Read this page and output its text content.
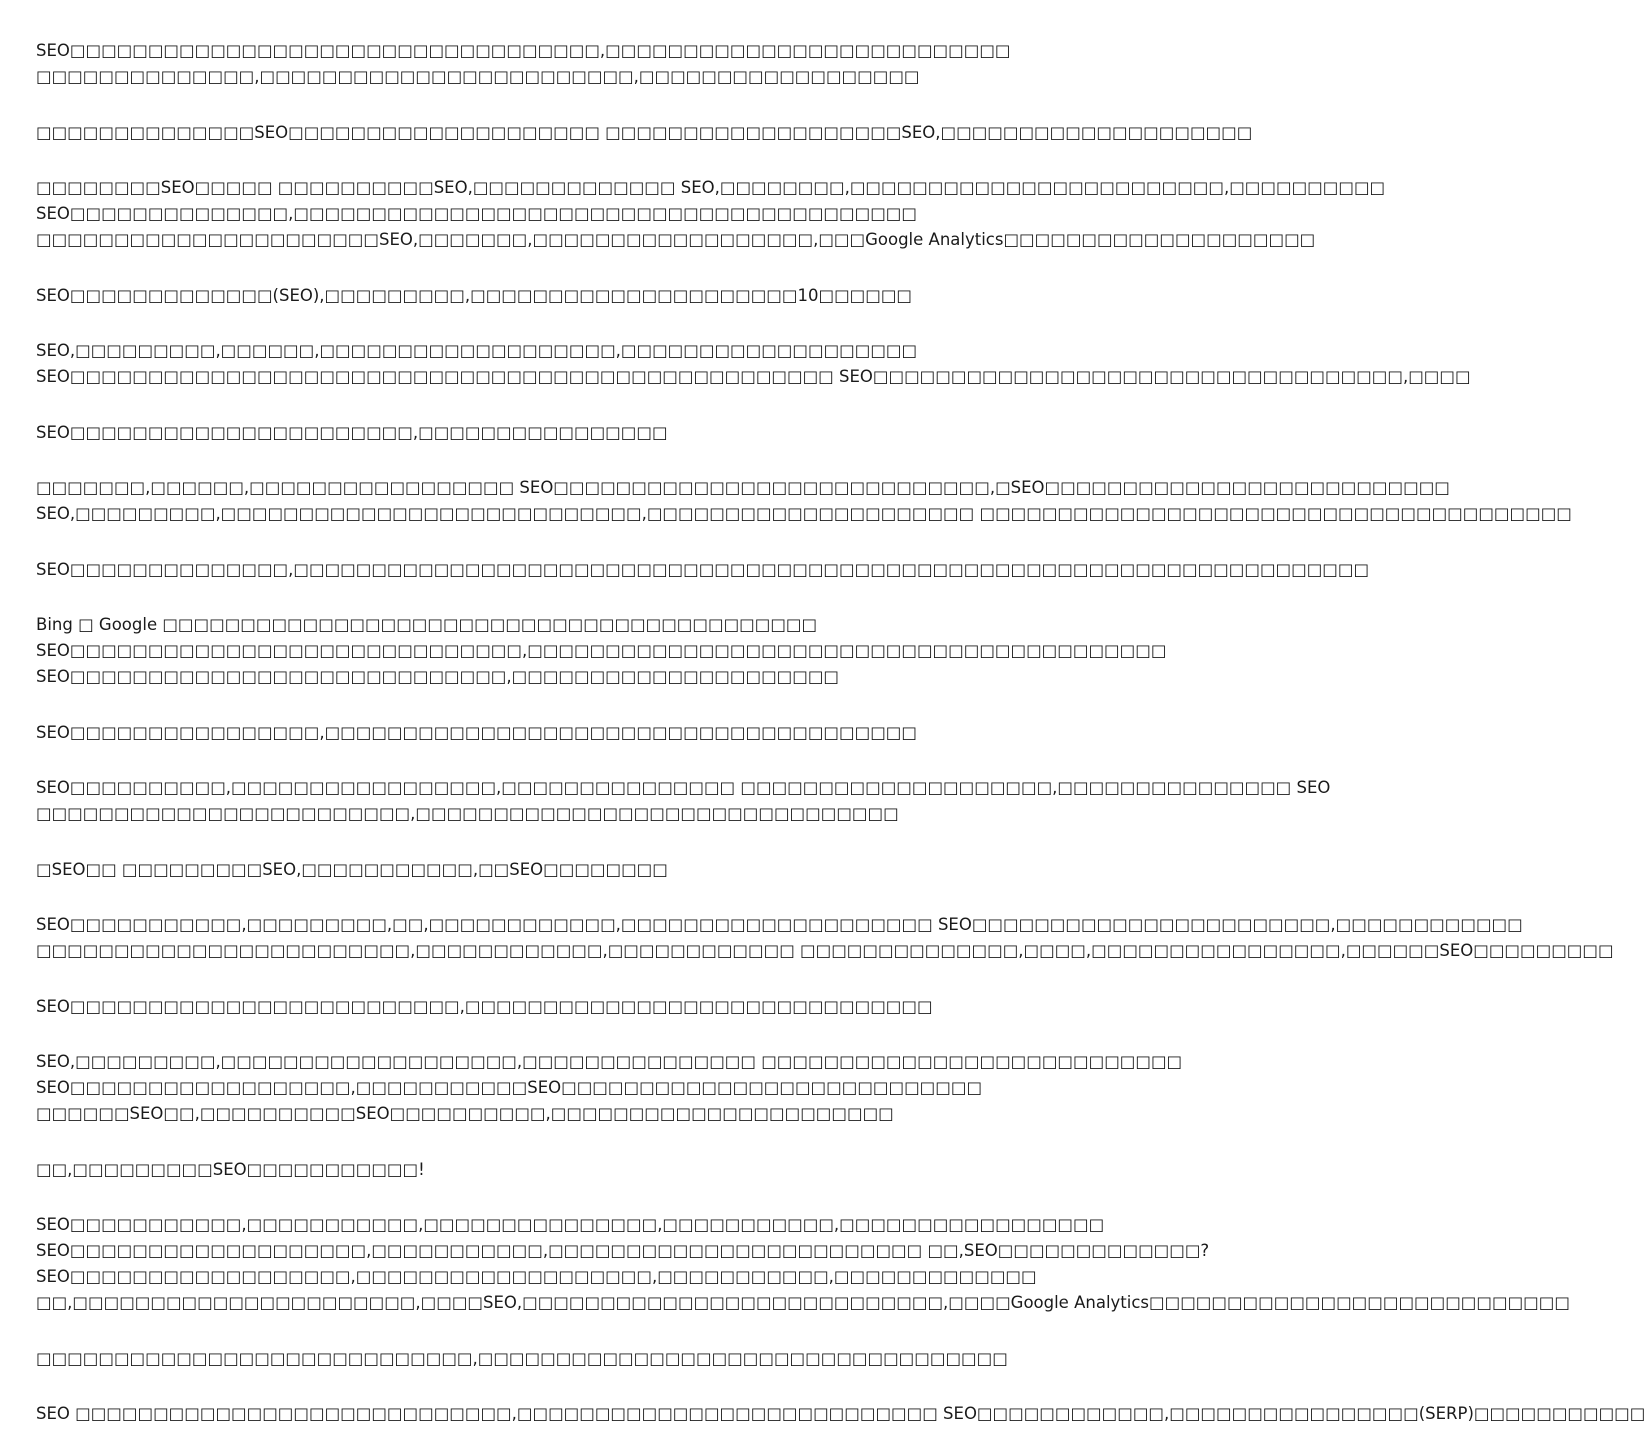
SEO□□□□□□□□□□□□□□□□□□□□□□□□□□□□□□□□□□,□□□□□□□□□□□□□□□□□□□□□□□□□□
□□□□□□□□□□□□□□,□□□□□□□□□□□□□□□□□□□□□□□□,□□□□□□□□□□□□□□□□□□
□□□□□□□□□□□□□□SEO□□□□□□□□□□□□□□□□□□□□ □□□□□□□□□□□□□□□□□□□SEO,□□□□□□□□□□□□□□□□□□□□
□□□□□□□□SEO□□□□□ □□□□□□□□□□SEO,□□□□□□□□□□□□□ SEO,□□□□□□□□,□□□□□□□□□□□□□□□□□□□□□□□□,□□□□□□□□□□
SEO□□□□□□□□□□□□□□,□□□□□□□□□□□□□□□□□□□□□□□□□□□□□□□□□□□□□□□□
□□□□□□□□□□□□□□□□□□□□□□SEO,□□□□□□□,□□□□□□□□□□□□□□□□□□,□□□Google Analytics□□□□□□□□□□□□□□□□□□□□
SEO□□□□□□□□□□□□□(SEO),□□□□□□□□□,□□□□□□□□□□□□□□□□□□□□□10□□□□□□
SEO,□□□□□□□□□,□□□□□□,□□□□□□□□□□□□□□□□□□□,□□□□□□□□□□□□□□□□□□□
SEO□□□□□□□□□□□□□□□□□□□□□□□□□□□□□□□□□□□□□□□□□□□□□□□□□ SEO□□□□□□□□□□□□□□□□□□□□□□□□□□□□□□□□□□,□□□□
SEO□□□□□□□□□□□□□□□□□□□□□□,□□□□□□□□□□□□□□□□
□□□□□□□,□□□□□□,□□□□□□□□□□□□□□□□□ SEO□□□□□□□□□□□□□□□□□□□□□□□□□□□□,□SEO□□□□□□□□□□□□□□□□□□□□□□□□□□
SEO,□□□□□□□□□,□□□□□□□□□□□□□□□□□□□□□□□□□□□,□□□□□□□□□□□□□□□□□□□□□ □□□□□□□□□□□□□□□□□□□□□□□□□□□□□□□□□□□□□□
SEO□□□□□□□□□□□□□□,□□□□□□□□□□□□□□□□□□□□□□□□□□□□□□□□□□□□□□□□□□□□□□□□□□□□□□□□□□□□□□□□□□□□□
Bing □ Google □□□□□□□□□□□□□□□□□□□□□□□□□□□□□□□□□□□□□□□□□□
SEO□□□□□□□□□□□□□□□□□□□□□□□□□□□□□,□□□□□□□□□□□□□□□□□□□□□□□□□□□□□□□□□□□□□□□□□
SEO□□□□□□□□□□□□□□□□□□□□□□□□□□□□,□□□□□□□□□□□□□□□□□□□□□
SEO□□□□□□□□□□□□□□□□,□□□□□□□□□□□□□□□□□□□□□□□□□□□□□□□□□□□□□□
SEO□□□□□□□□□□,□□□□□□□□□□□□□□□□□,□□□□□□□□□□□□□□□ □□□□□□□□□□□□□□□□□□□□,□□□□□□□□□□□□□□□ SEO
□□□□□□□□□□□□□□□□□□□□□□□□,□□□□□□□□□□□□□□□□□□□□□□□□□□□□□□□
□SEO□□ □□□□□□□□□SEO,□□□□□□□□□□□,□□SEO□□□□□□□□
SEO□□□□□□□□□□□,□□□□□□□□□,□□,□□□□□□□□□□□□,□□□□□□□□□□□□□□□□□□□□ SEO□□□□□□□□□□□□□□□□□□□□□□□,□□□□□□□□□□□□
□□□□□□□□□□□□□□□□□□□□□□□□,□□□□□□□□□□□□,□□□□□□□□□□□□ □□□□□□□□□□□□□□,□□□□,□□□□□□□□□□□□□□□□,□□□□□□SEO□□□□□□□□□
SEO□□□□□□□□□□□□□□□□□□□□□□□□□,□□□□□□□□□□□□□□□□□□□□□□□□□□□□□□
SEO,□□□□□□□□□,□□□□□□□□□□□□□□□□□□□,□□□□□□□□□□□□□□□ □□□□□□□□□□□□□□□□□□□□□□□□□□□
SEO□□□□□□□□□□□□□□□□□□,□□□□□□□□□□□SEO□□□□□□□□□□□□□□□□□□□□□□□□□□□
□□□□□□SEO□□,□□□□□□□□□□SEO□□□□□□□□□□,□□□□□□□□□□□□□□□□□□□□□□
□□,□□□□□□□□□SEO□□□□□□□□□□□!
SEO□□□□□□□□□□□,□□□□□□□□□□□,□□□□□□□□□□□□□□□,□□□□□□□□□□□,□□□□□□□□□□□□□□□□□
SEO□□□□□□□□□□□□□□□□□□□,□□□□□□□□□□□,□□□□□□□□□□□□□□□□□□□□□□□□ □□,SEO□□□□□□□□□□□□□?
SEO□□□□□□□□□□□□□□□□□□,□□□□□□□□□□□□□□□□□□□,□□□□□□□□□□□,□□□□□□□□□□□□□
□□,□□□□□□□□□□□□□□□□□□□□□□,□□□□SEO,□□□□□□□□□□□□□□□□□□□□□□□□□□□,□□□□Google Analytics□□□□□□□□□□□□□□□□□□□□□□□□□□□
□□□□□□□□□□□□□□□□□□□□□□□□□□□□,□□□□□□□□□□□□□□□□□□□□□□□□□□□□□□□□□□
SEO □□□□□□□□□□□□□□□□□□□□□□□□□□□□,□□□□□□□□□□□□□□□□□□□□□□□□□□□ SEO□□□□□□□□□□□□,□□□□□□□□□□□□□□□□(SERP)□□□□□□□□□□□
